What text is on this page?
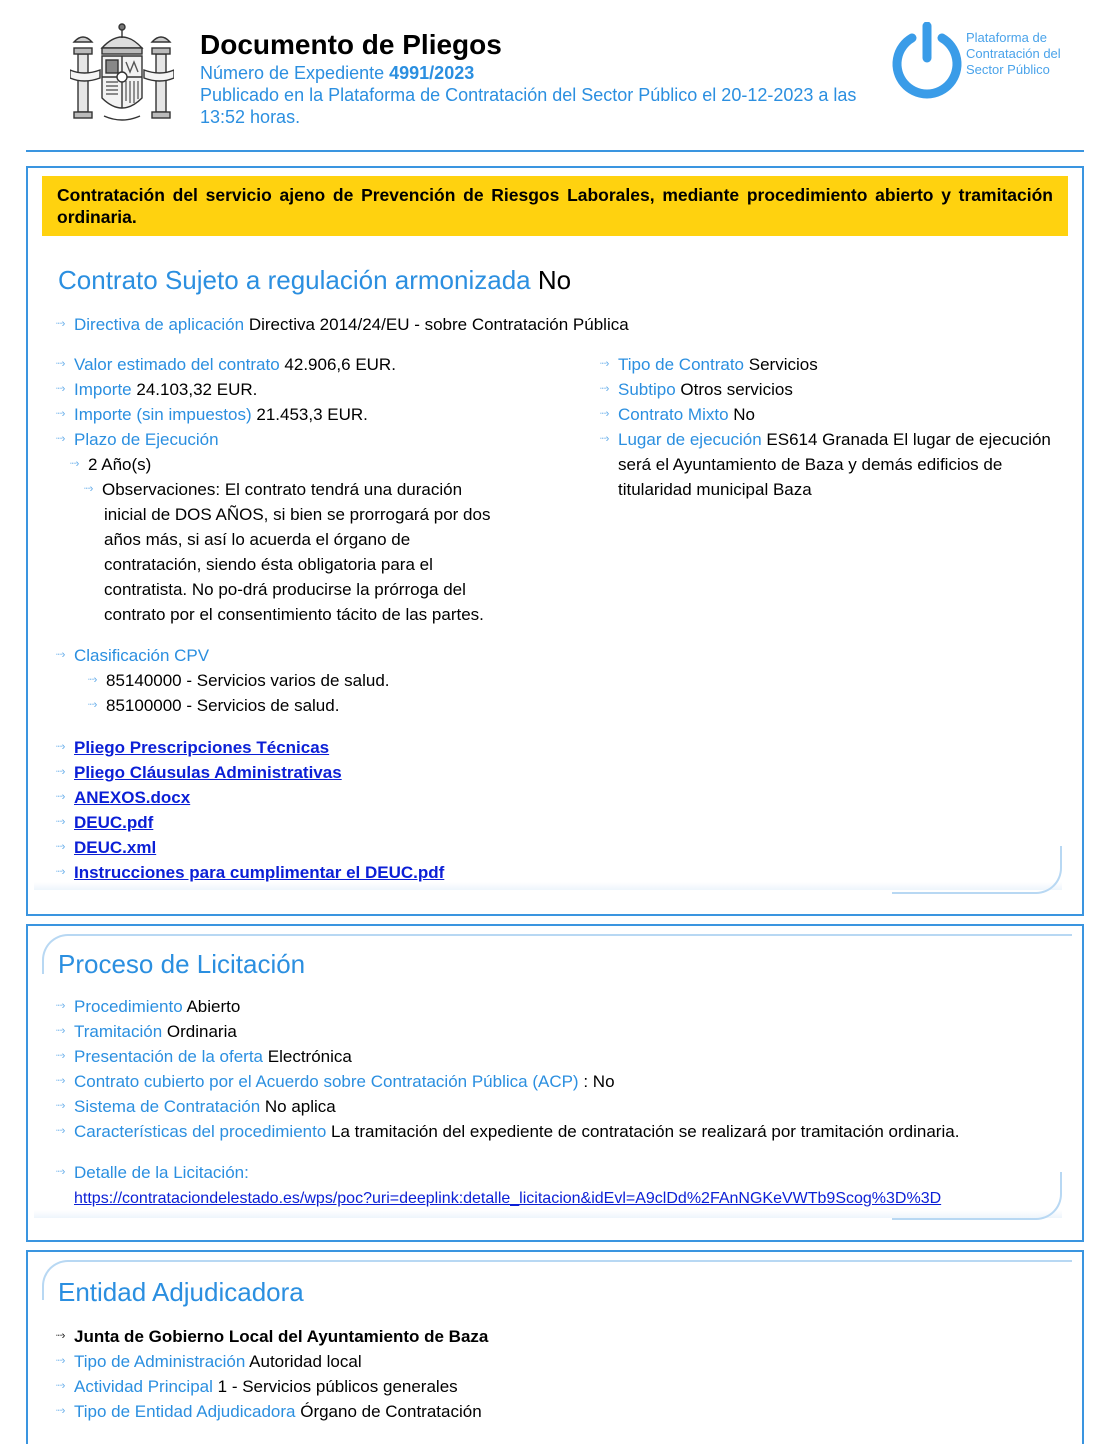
Documento de Pliegos
Número de Expediente 4991/2023
Publicado en la Plataforma de Contratación del Sector Público el 20-12-2023 a las 13:52 horas.
Plataforma de Contratación del Sector Público
Contratación del servicio ajeno de Prevención de Riesgos Laborales, mediante procedimiento abierto y tramitación ordinaria.
Contrato Sujeto a regulación armonizada No
┈› Directiva de aplicación Directiva 2014/24/EU - sobre Contratación Pública
┈› Valor estimado del contrato 42.906,6 EUR.
┈› Importe 24.103,32 EUR.
┈› Importe (sin impuestos) 21.453,3 EUR.
┈› Plazo de Ejecución
┈› 2 Año(s)
┈› Observaciones: El contrato tendrá una duración
inicial de DOS AÑOS, si bien se prorrogará por dos
años más, si así lo acuerda el órgano de
contratación, siendo ésta obligatoria para el
contratista. No po-drá producirse la prórroga del
contrato por el consentimiento tácito de las partes.
┈› Tipo de Contrato Servicios
┈› Subtipo Otros servicios
┈› Contrato Mixto No
┈› Lugar de ejecución ES614 Granada El lugar de ejecución
será el Ayuntamiento de Baza y demás edificios de
titularidad municipal Baza
┈› Clasificación CPV
┈› 85140000 - Servicios varios de salud.
┈› 85100000 - Servicios de salud.
┈› Pliego Prescripciones Técnicas
┈› Pliego Cláusulas Administrativas
┈› ANEXOS.docx
┈› DEUC.pdf
┈› DEUC.xml
┈› Instrucciones para cumplimentar el DEUC.pdf
Proceso de Licitación
┈› Procedimiento Abierto
┈› Tramitación Ordinaria
┈› Presentación de la oferta Electrónica
┈› Contrato cubierto por el Acuerdo sobre Contratación Pública (ACP) : No
┈› Sistema de Contratación No aplica
┈› Características del procedimiento La tramitación del expediente de contratación se realizará por tramitación ordinaria.
┈› Detalle de la Licitación:
https://contrataciondelestado.es/wps/poc?uri=deeplink:detalle_licitacion&idEvl=A9clDd%2FAnNGKeVWTb9Scog%3D%3D
Entidad Adjudicadora
┈› Junta de Gobierno Local del Ayuntamiento de Baza
┈› Tipo de Administración Autoridad local
┈› Actividad Principal 1 - Servicios públicos generales
┈› Tipo de Entidad Adjudicadora Órgano de Contratación
